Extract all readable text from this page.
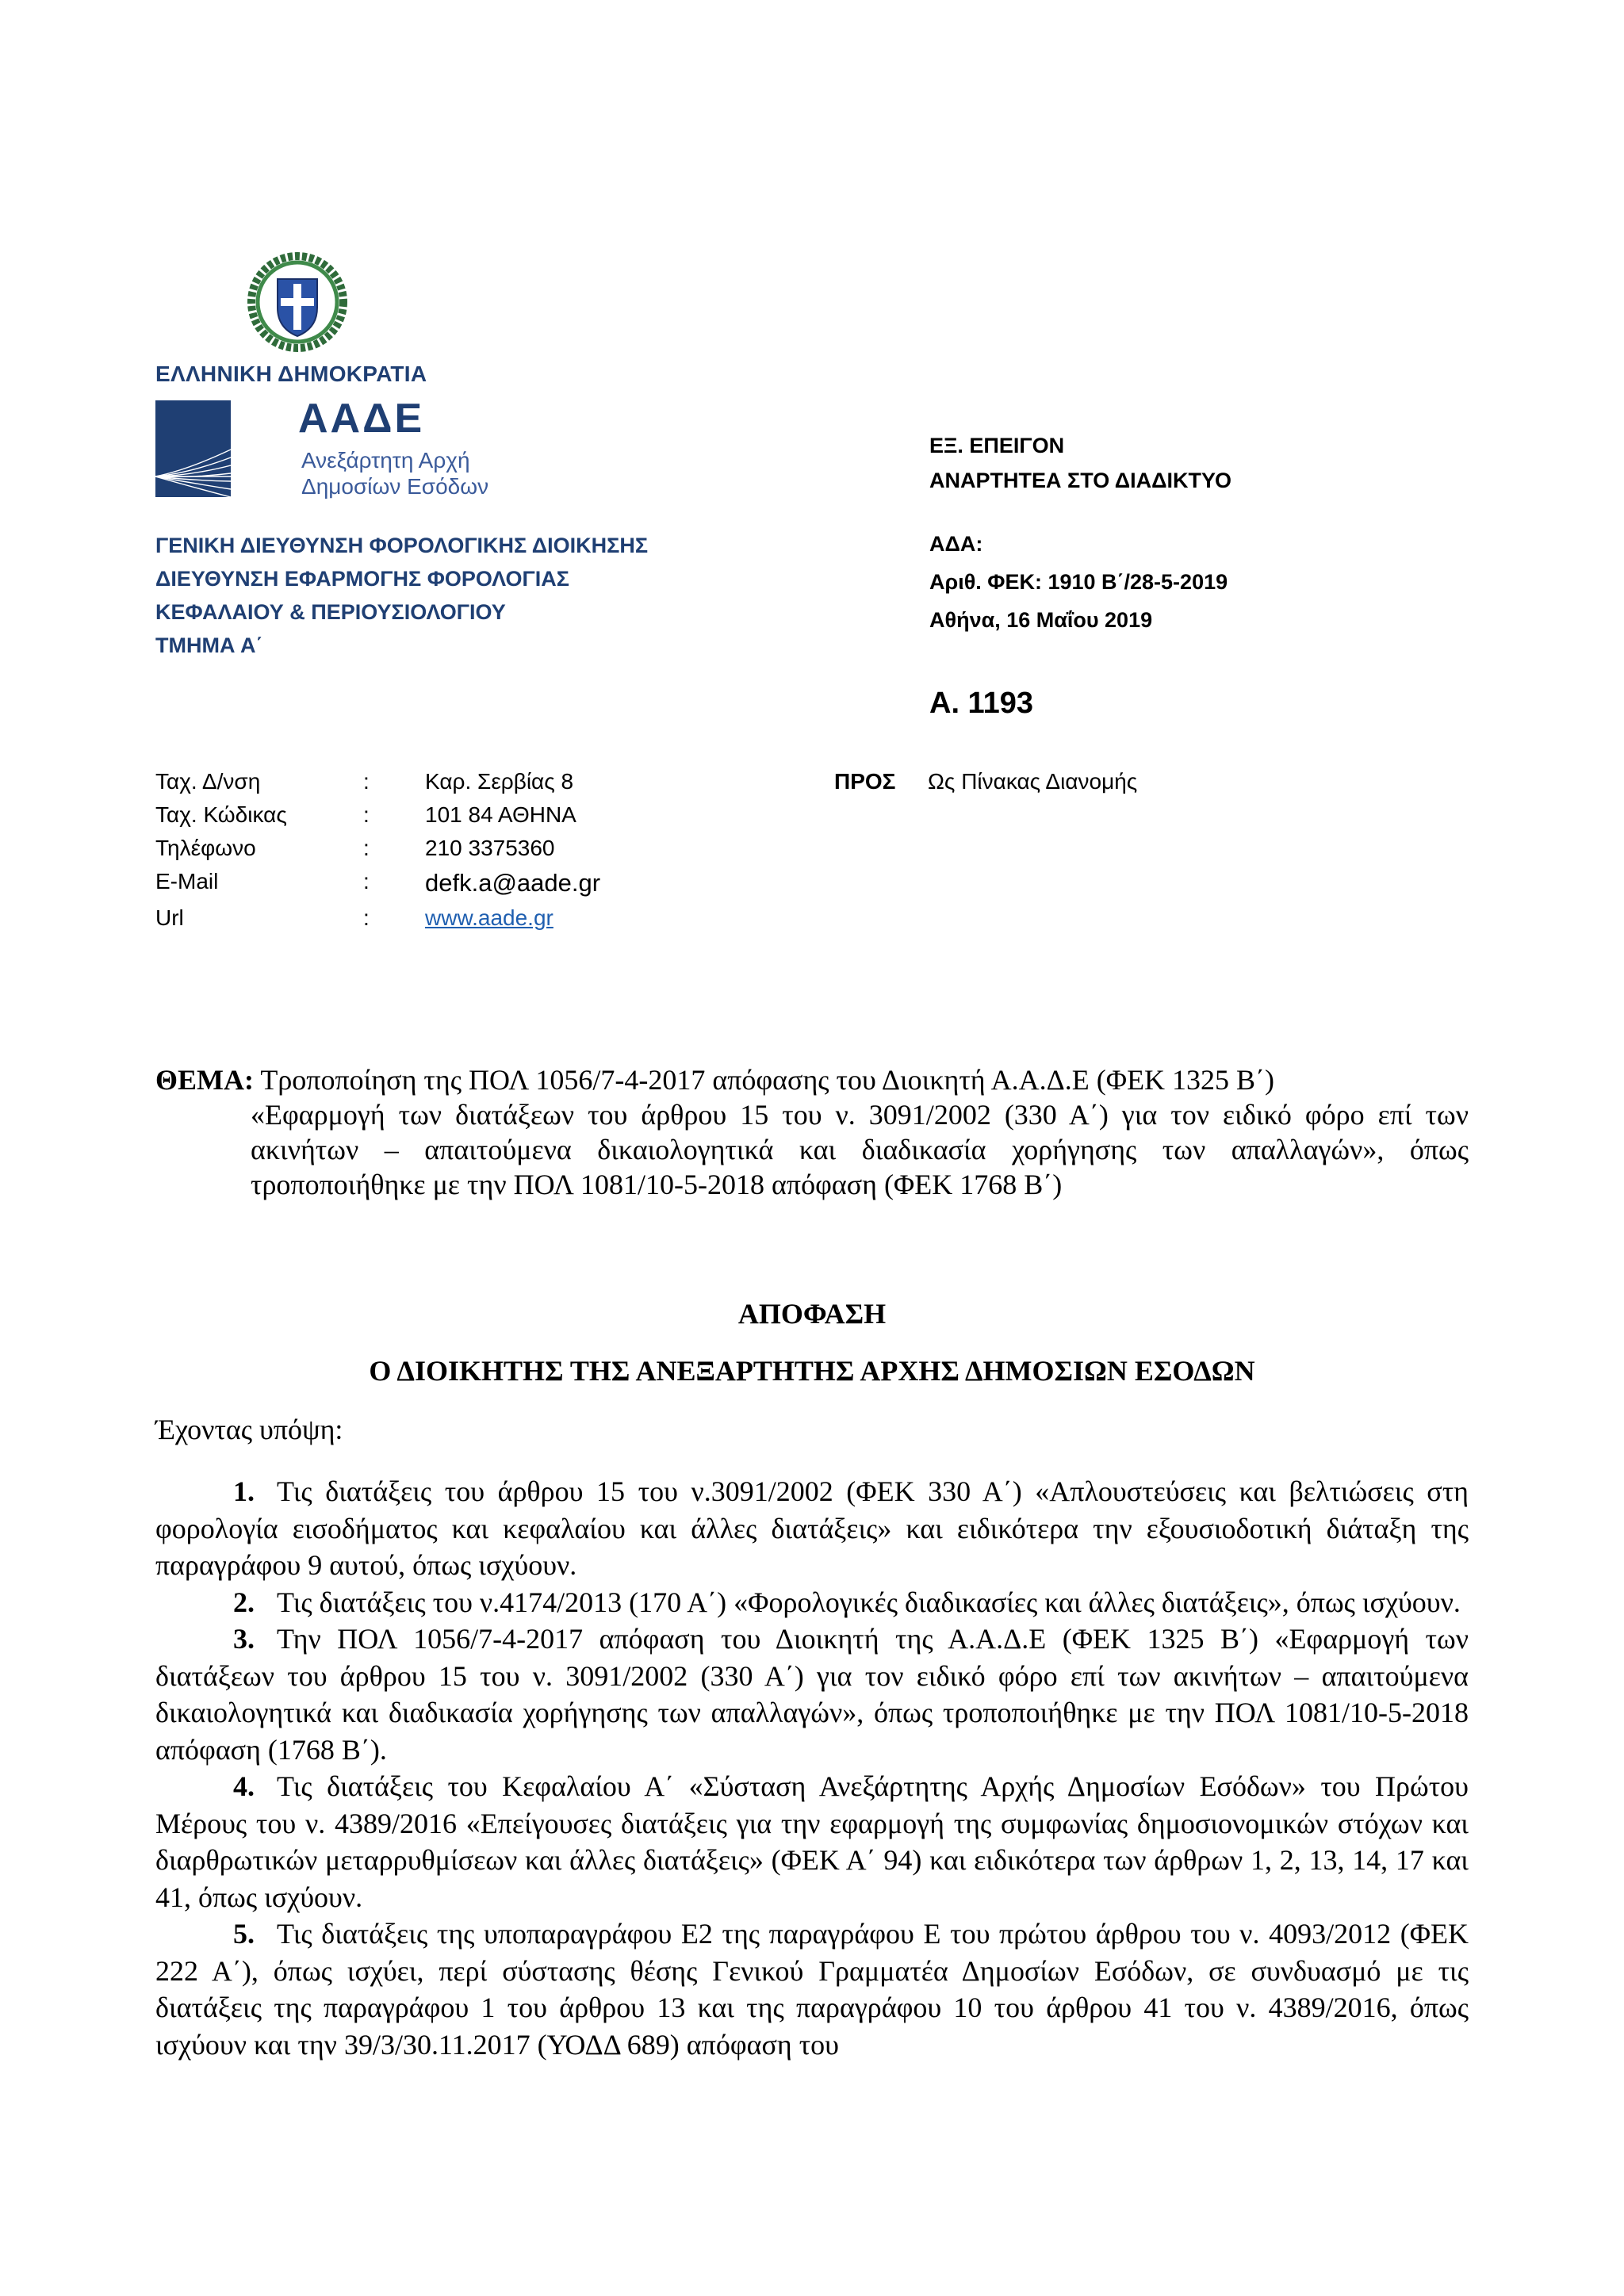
ΕΛΛΗΝΙΚΗ ΔΗΜΟΚΡΑΤΙΑ
ΑΑΔΕ
Ανεξάρτητη Αρχή
Δημοσίων Εσόδων
ΓΕΝΙΚΗ ΔΙΕΥΘΥΝΣΗ ΦΟΡΟΛΟΓΙΚΗΣ ΔΙΟΙΚΗΣΗΣ
ΔΙΕΥΘΥΝΣΗ ΕΦΑΡΜΟΓΗΣ ΦΟΡΟΛΟΓΙΑΣ
ΚΕΦΑΛΑΙΟΥ & ΠΕΡΙΟΥΣΙΟΛΟΓΙΟΥ
ΤΜΗΜΑ Α΄
ΕΞ. ΕΠΕΙΓΟΝ
ΑΝΑΡΤΗΤΕΑ ΣΤΟ ΔΙΑΔΙΚΤΥΟ
ΑΔΑ:
Αριθ. ΦΕΚ: 1910 Β΄/28-5-2019
Αθήνα, 16 Μαΐου 2019
Α. 1193
Ταχ. Δ/νση	:	Καρ. Σερβίας 8
Ταχ. Κώδικας	:	101 84 ΑΘΗΝΑ
Τηλέφωνο	:	210 3375360
E-Mail	: defk.a@aade.gr
Url	:	www.aade.gr
ΠΡΟΣ Ως Πίνακας Διανομής
ΘΕΜΑ: Τροποποίηση της ΠΟΛ 1056/7-4-2017 απόφασης του Διοικητή Α.Α.Δ.Ε (ΦΕΚ 1325 Β΄)
«Εφαρμογή των διατάξεων του άρθρου 15 του ν. 3091/2002 (330 Α΄) για τον ειδικό φόρο επί των ακινήτων – απαιτούμενα δικαιολογητικά και διαδικασία χορήγησης των απαλλαγών», όπως τροποποιήθηκε με την ΠΟΛ 1081/10-5-2018 απόφαση (ΦΕΚ 1768 Β΄)
ΑΠΟΦΑΣΗ
Ο ΔΙΟΙΚΗΤΗΣ ΤΗΣ ΑΝΕΞΑΡΤΗΤΗΣ ΑΡΧΗΣ ΔΗΜΟΣΙΩΝ ΕΣΟΔΩΝ
Έχοντας υπόψη:

1. Τις διατάξεις του άρθρου 15 του ν.3091/2002 (ΦΕΚ 330 Α΄) «Απλουστεύσεις και βελτιώσεις στη φορολογία εισοδήματος και κεφαλαίου και άλλες διατάξεις» και ειδικότερα την εξουσιοδοτική διάταξη της παραγράφου 9 αυτού, όπως ισχύουν.

2. Τις διατάξεις του ν.4174/2013 (170 Α΄) «Φορολογικές διαδικασίες και άλλες διατάξεις», όπως ισχύουν.

3. Την ΠΟΛ 1056/7-4-2017 απόφαση του Διοικητή της Α.Α.Δ.Ε (ΦΕΚ 1325 Β΄) «Εφαρμογή των διατάξεων του άρθρου 15 του ν. 3091/2002 (330 Α΄) για τον ειδικό φόρο επί των ακινήτων – απαιτούμενα δικαιολογητικά και διαδικασία χορήγησης των απαλλαγών», όπως τροποποιήθηκε με την ΠΟΛ 1081/10-5-2018 απόφαση (1768 Β΄).

4. Τις διατάξεις του Κεφαλαίου Α΄ «Σύσταση Ανεξάρτητης Αρχής Δημοσίων Εσόδων» του Πρώτου Μέρους του ν. 4389/2016 «Επείγουσες διατάξεις για την εφαρμογή της συμφωνίας δημοσιονομικών στόχων και διαρθρωτικών μεταρρυθμίσεων και άλλες διατάξεις» (ΦΕΚ Α΄ 94) και ειδικότερα των άρθρων 1, 2, 13, 14, 17 και 41, όπως ισχύουν.

5. Τις διατάξεις της υποπαραγράφου Ε2 της παραγράφου Ε του πρώτου άρθρου του ν. 4093/2012 (ΦΕΚ 222 Α΄), όπως ισχύει, περί σύστασης θέσης Γενικού Γραμματέα Δημοσίων Εσόδων, σε συνδυασμό με τις διατάξεις της παραγράφου 1 του άρθρου 13 και της παραγράφου 10 του άρθρου 41 του ν. 4389/2016, όπως ισχύουν και την 39/3/30.11.2017 (ΥΟΔΔ 689) απόφαση του
